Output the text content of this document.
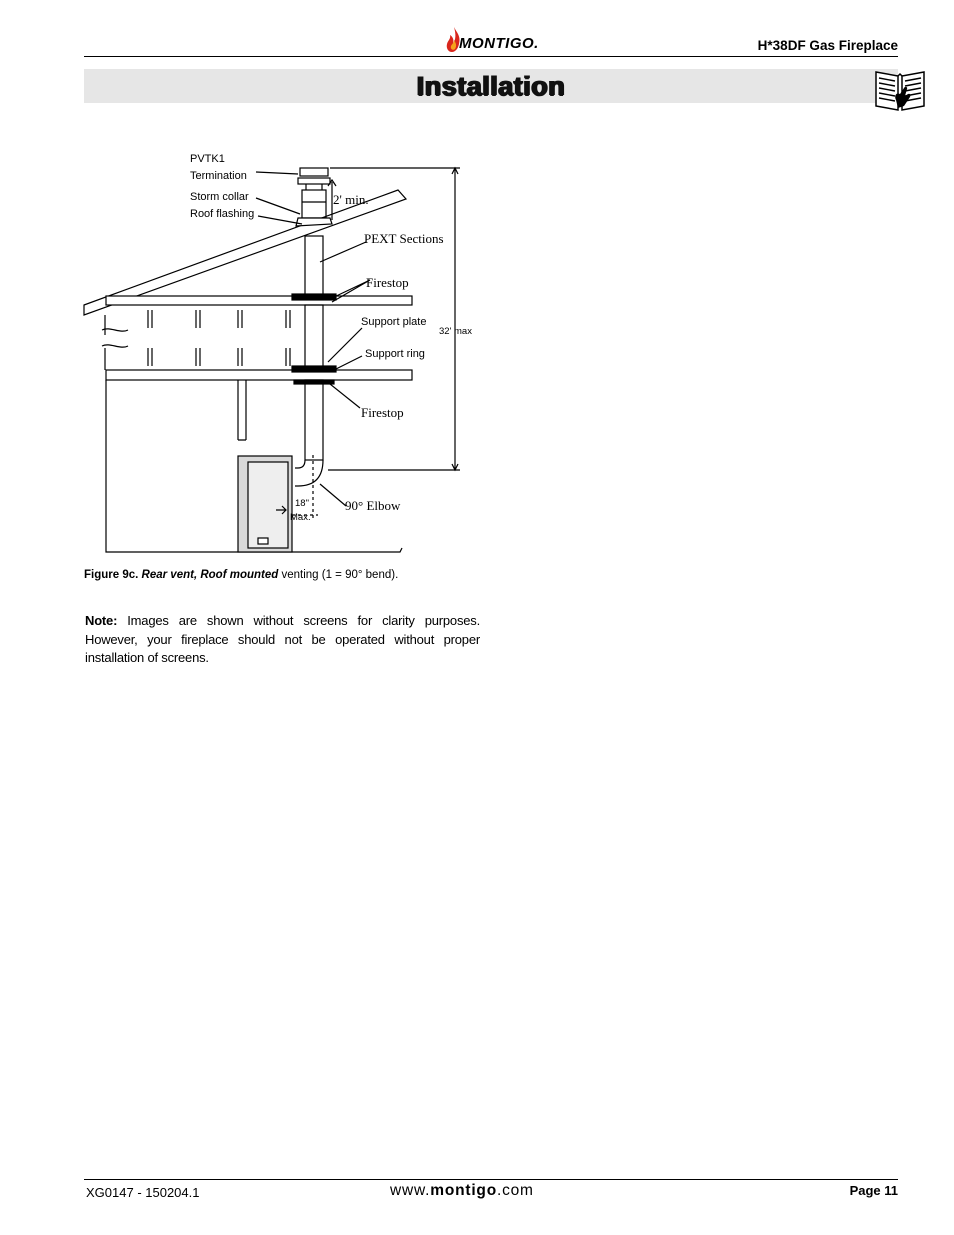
MONTIGO.	H*38DF Gas Fireplace
Installation
PVTK1
Termination
Storm collar
Roof flashing
2' min.
PEXT Sections
Firestop
Support plate
32' max
Support ring
Firestop
18"
Max.
90° Elbow
Figure 9c. Rear vent, Roof mounted venting (1 = 90° bend).
Note: Images are shown without screens for clarity purposes. However, your fireplace should not be operated without proper installation of screens.
XG0147 - 150204.1	www.montigo.com	Page 11
